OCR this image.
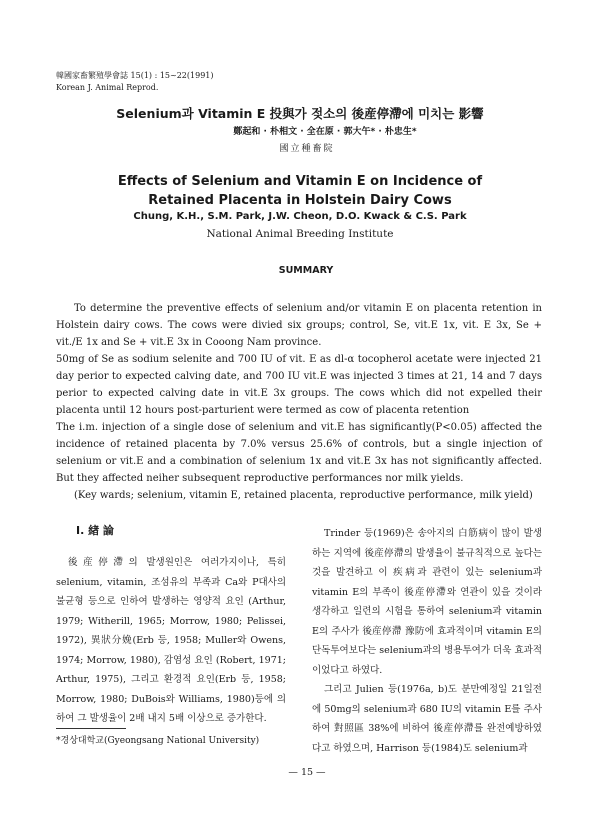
韓國家畜繁殖學會誌 15(1) : 15~22(1991)
Korean J. Animal Reprod.
Selenium과 Vitamin E 投與가 젖소의 後産停滯에 미치는 影響
鄭起和 · 朴相文 · 全在原 · 郭大午* · 朴忠生*
國立種畜院
Effects of Selenium and Vitamin E on Incidence of
Retained Placenta in Holstein Dairy Cows
Chung, K.H., S.M. Park, J.W. Cheon, D.O. Kwack & C.S. Park
National Animal Breeding Institute
SUMMARY

To determine the preventive effects of selenium and/or vitamin E on placenta retention in Holstein dairy cows. The cows were divied six groups; control, Se, vit.E 1x, vit. E 3x, Se + vit./E 1x and Se + vit.E 3x in Cooong Nam province.

50mg of Se as sodium selenite and 700 IU of vit. E as dl-α tocopherol acetate were injected 21 day perior to expected calving date, and 700 IU vit.E was injected 3 times at 21, 14 and 7 days perior to expected calving date in vit.E 3x groups. The cows which did not expelled their placenta until 12 hours post-parturient were termed as cow of placenta retention

The i.m. injection of a single dose of selenium and vit.E has significantly(P<0.05) affected the incidence of retained placenta by 7.0% versus 25.6% of controls, but a single injection of selenium or vit.E and a combination of selenium 1x and vit.E 3x has not significantly affected. But they affected neiher subsequent reproductive performances nor milk yields.

(Key wards; selenium, vitamin E, retained placenta, reproductive performance, milk yield)

Ⅰ. 緖 論

後産停滯의 발생원인은 여러가지이나, 특히 selenium, vitamin, 조섬유의 부족과 Ca와 P대사의 불균형 등으로 인하여 발생하는 영양적 요인 (Arthur, 1979; Witherill, 1965; Morrow, 1980; Pelissei, 1972), 異狀分娩(Erb 등, 1958; Muller와 Owens, 1974; Morrow, 1980), 감염성 요인 (Robert, 1971; Arthur, 1975), 그리고 환경적 요인(Erb 등, 1958; Morrow, 1980; DuBois와 Williams, 1980)등에 의하여 그 발생율이 2배 내지 5배 이상으로 증가한다.

Trinder 등(1969)은 송아지의 白筋病이 많이 발생하는 지역에 後産停滯의 발생율이 불규칙적으로 높다는 것을 발견하고 이 疾病과 관련이 있는 selenium과 vitamin E의 부족이 後産停滯와 연관이 있을 것이라 생각하고 일련의 시험을 통하여 selenium과 vitamin E의 주사가 後産停滯 豫防에 효과적이며 vitamin E의 단독투여보다는 selenium과의 병용투여가 더욱 효과적이었다고 하였다.

그리고 Julien 등(1976a, b)도 분만예정일 21일전에 50mg의 selenium과 680 IU의 vitamin E를 주사하여 對照區 38%에 비하여 後産停滯를 완전예방하였다고 하였으며, Harrison 등(1984)도 selenium과

*경상대학교(Gyeongsang National University)
— 15 —
